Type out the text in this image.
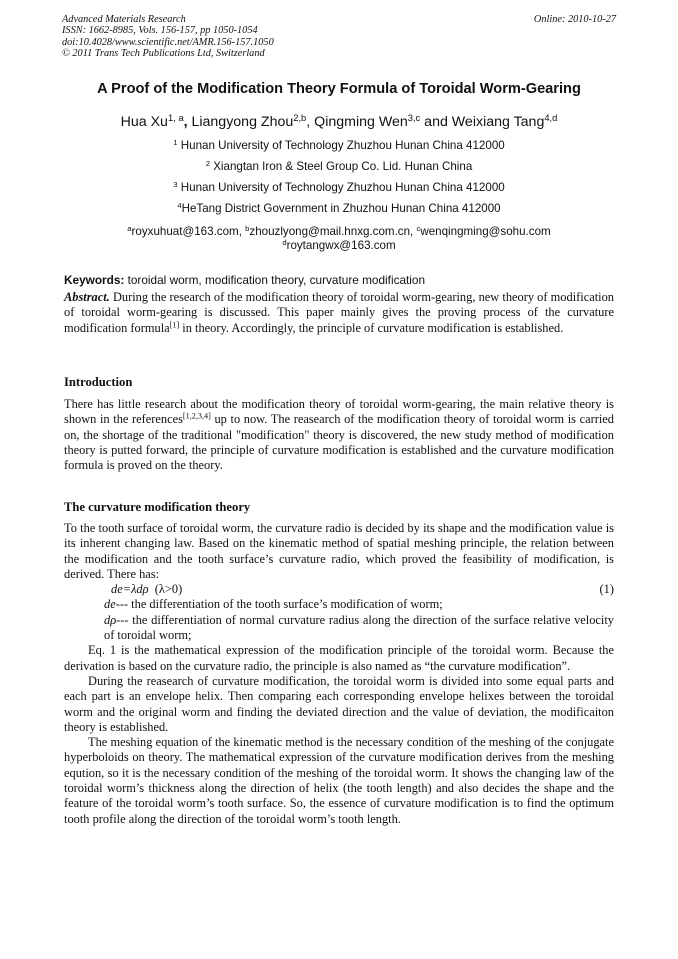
Advanced Materials Research
ISSN: 1662-8985, Vols. 156-157, pp 1050-1054
doi:10.4028/www.scientific.net/AMR.156-157.1050
© 2011 Trans Tech Publications Ltd, Switzerland
Online: 2010-10-27
A Proof of the Modification Theory Formula of Toroidal Worm-Gearing
Hua Xu$^{1, a}$, Liangyong Zhou$^{2,b}$, Qingming Wen$^{3,c}$ and Weixiang Tang$^{4,d}$
$^1$ Hunan University of Technology Zhuzhou Hunan China 412000
$^2$ Xiangtan Iron & Steel Group Co. Lid. Hunan China
$^3$ Hunan University of Technology Zhuzhou Hunan China 412000
$^4$HeTang District Government in Zhuzhou Hunan China 412000
$^a$royxuhuat@163.com, $^b$zhouzlyong@mail.hnxg.com.cn, $^c$wenqingming@sohu.com
$^d$roytangwx@163.com
Keywords: toroidal worm, modification theory, curvature modification

Abstract. During the research of the modification theory of toroidal worm-gearing, new theory of modification of toroidal worm-gearing is discussed. This paper mainly gives the proving process of the curvature modification formula[1] in theory. Accordingly, the principle of curvature modification is established.

Introduction

There has little research about the modification theory of toroidal worm-gearing, the main relative theory is shown in the references[1,2,3,4] up to now. The reasearch of the modification theory of toroidal worm is carried on, the shortage of the traditional "modification" theory is discovered, the new study method of modification theory is putted forward, the principle of curvature modification is established and the curvature modification formula is proved on the theory.

The curvature modification theory

To the tooth surface of toroidal worm, the curvature radio is decided by its shape and the modification value is its inherent changing law. Based on the kinematic method of spatial meshing principle, the relation between the modification and the tooth surface’s curvature radio, which proved the feasibility of modification, is derived. There has:

de=λdρ (λ>0)	(1)

de--- the differentiation of the tooth surface’s modification of worm;

dρ--- the differentiation of normal curvature radius along the direction of the surface relative velocity of toroidal worm;

Eq. 1 is the mathematical expression of the modification principle of the toroidal worm. Because the derivation is based on the curvature radio, the principle is also named as “the curvature modification”.

During the reasearch of curvature modification, the toroidal worm is divided into some equal parts and each part is an envelope helix. Then comparing each corresponding envelope helixes between the toroidal worm and the original worm and finding the deviated direction and the value of deviation, the modificaiton theory is established.

The meshing equation of the kinematic method is the necessary condition of the meshing of the conjugate hyperboloids on theory. The mathematical expression of the curvature modification derives from the meshing eqution, so it is the necessary condition of the meshing of the toroidal worm. It shows the changing law of the toroidal worm’s thickness along the direction of helix (the tooth length) and also decides the shape and the feature of the toroidal worm’s tooth surface. So, the essence of curvature modification is to find the optimum tooth profile along the direction of the toroidal worm’s tooth length.
